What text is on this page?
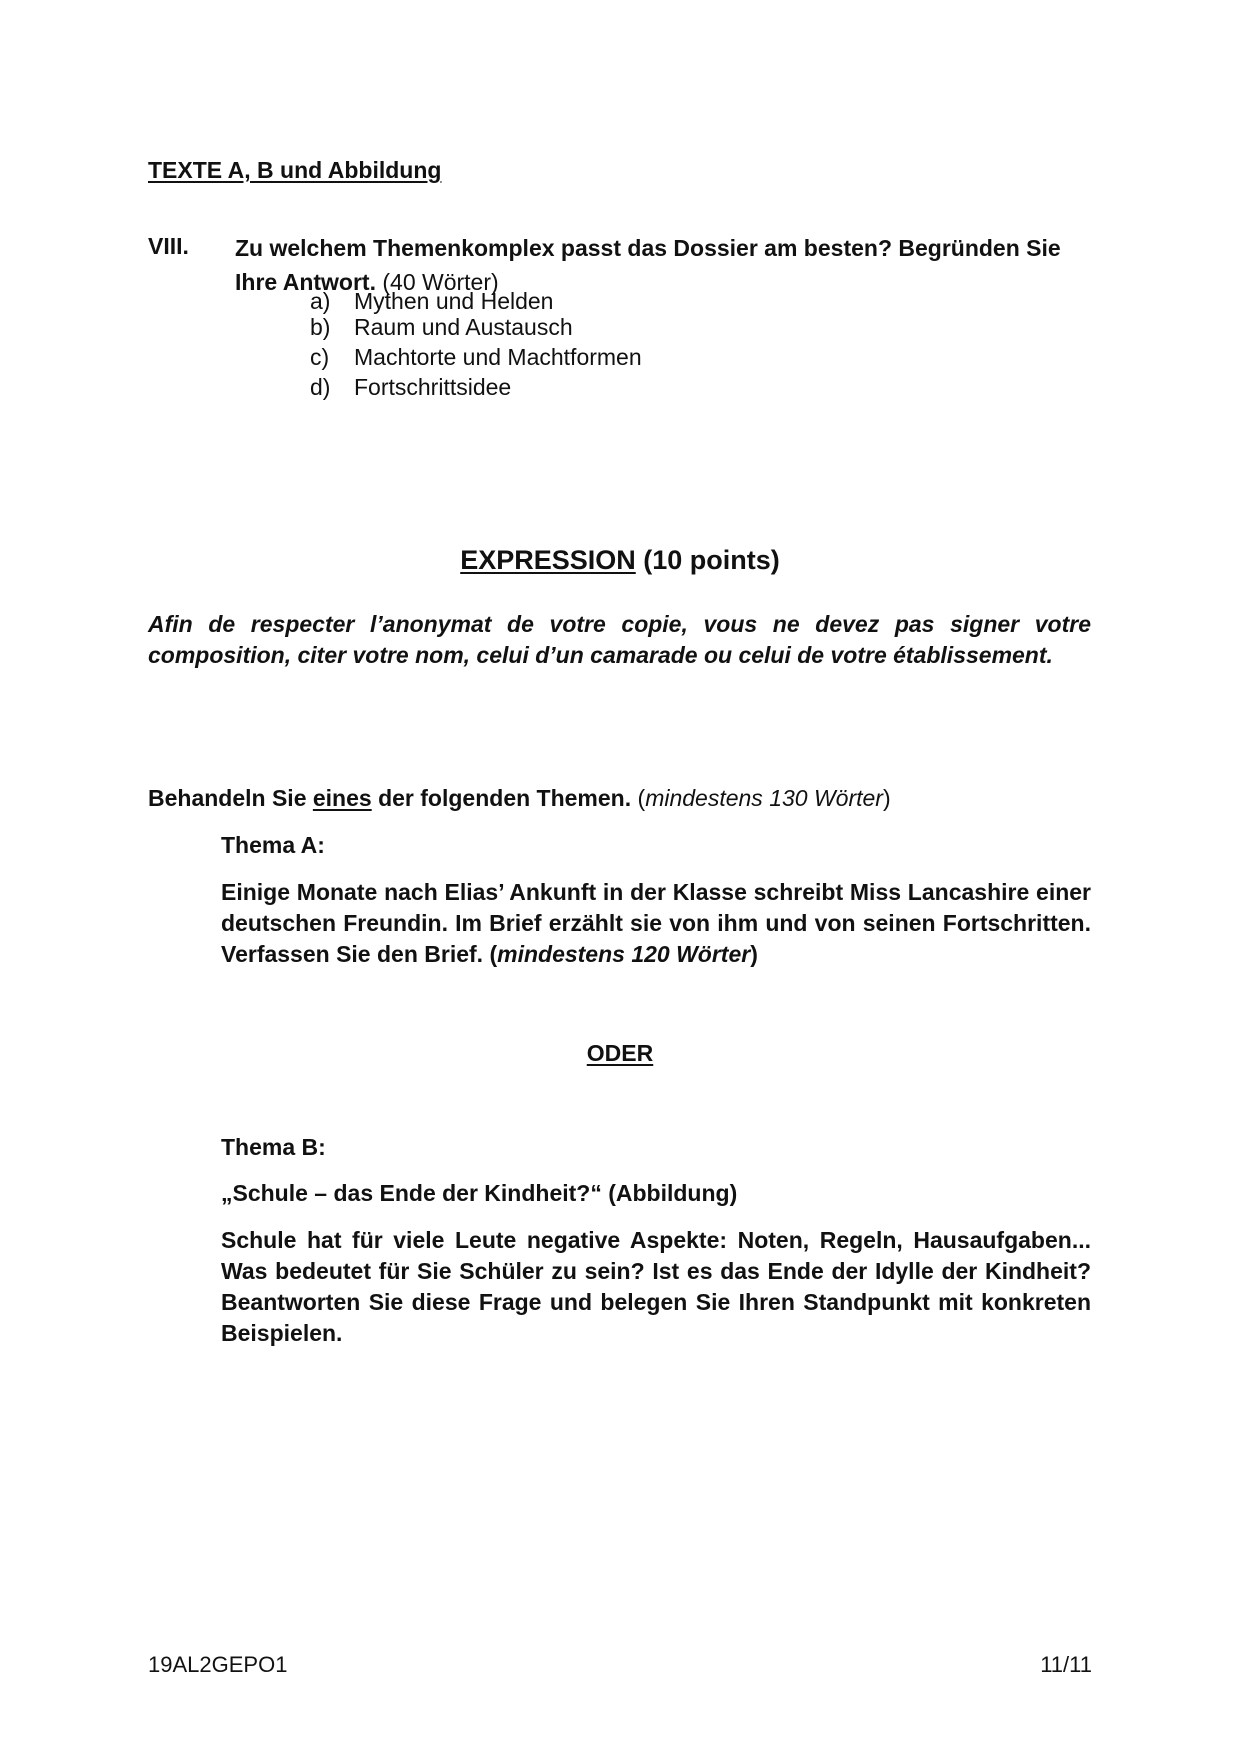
TEXTE A, B und Abbildung
VIII. Zu welchem Themenkomplex passt das Dossier am besten? Begründen Sie Ihre Antwort. (40 Wörter)
a) Mythen und Helden
b) Raum und Austausch
c) Machtorte und Machtformen
d) Fortschrittsidee
EXPRESSION (10 points)
Afin de respecter l’anonymat de votre copie, vous ne devez pas signer votre composition, citer votre nom, celui d’un camarade ou celui de votre établissement.
Behandeln Sie eines der folgenden Themen. (mindestens 130 Wörter)
Thema A:
Einige Monate nach Elias’ Ankunft in der Klasse schreibt Miss Lancashire einer deutschen Freundin. Im Brief erzählt sie von ihm und von seinen Fortschritten. Verfassen Sie den Brief. (mindestens 120 Wörter)
ODER
Thema B:
„Schule – das Ende der Kindheit?“ (Abbildung)
Schule hat für viele Leute negative Aspekte: Noten, Regeln, Hausaufgaben... Was bedeutet für Sie Schüler zu sein? Ist es das Ende der Idylle der Kindheit? Beantworten Sie diese Frage und belegen Sie Ihren Standpunkt mit konkreten Beispielen.
19AL2GEPO1	11/11
